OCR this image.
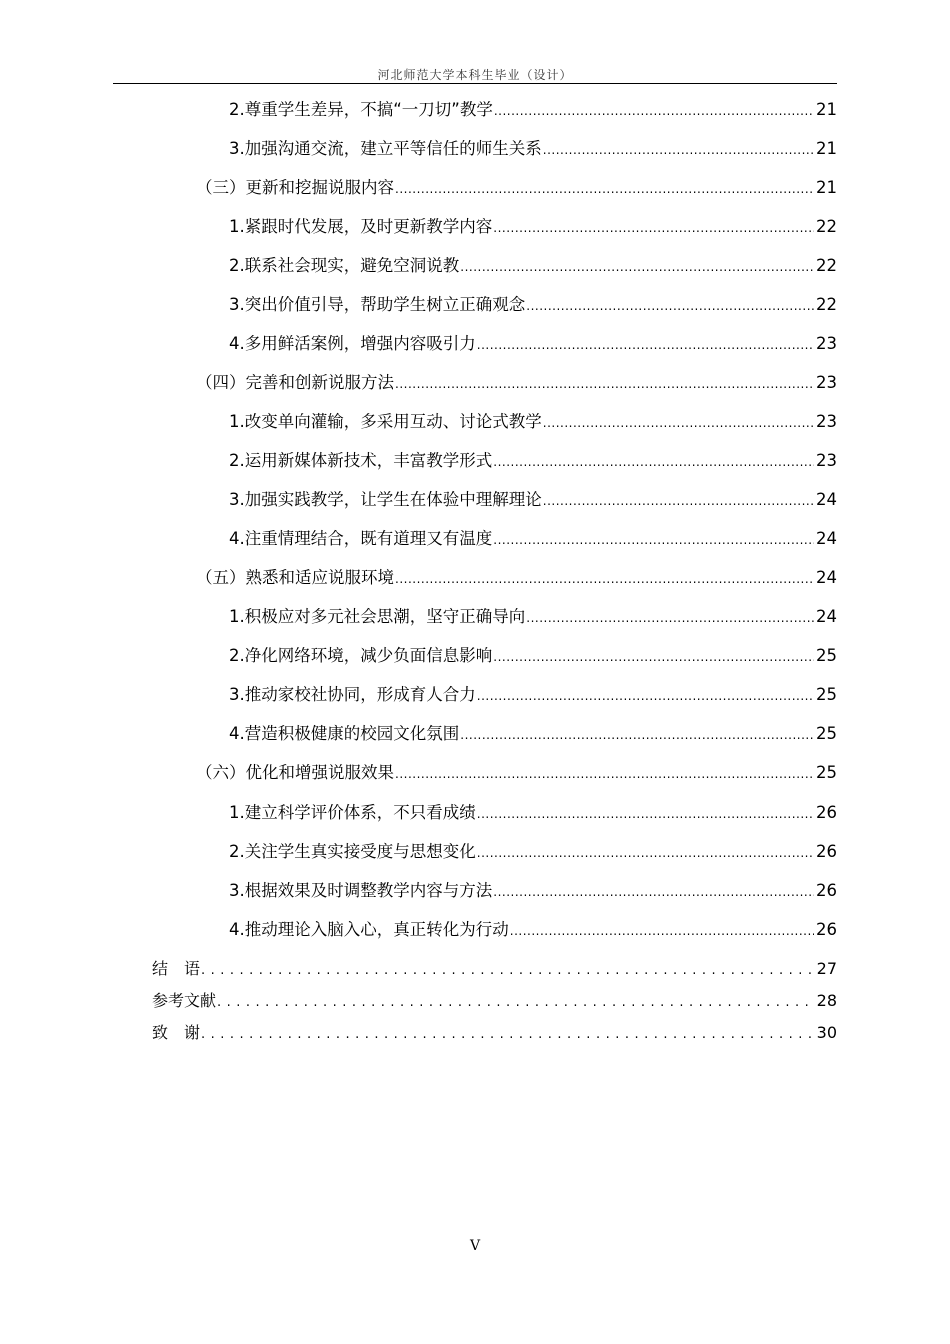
河北师范大学本科生毕业（设计）
2. 尊重学生差异，不搞“一刀切”教学 .....	21
3. 加强沟通交流，建立平等信任的师生关系 .....	21
（三） 更新和挖掘说服内容 .....	21
1. 紧跟时代发展，及时更新教学内容 .....	22
2. 联系社会现实，避免空洞说教 .....	22
3. 突出价值引导，帮助学生树立正确观念 .....	22
4. 多用鲜活案例，增强内容吸引力 .....	23
（四） 完善和创新说服方法 .....	23
1. 改变单向灌输，多采用互动、讨论式教学 .....	23
2. 运用新媒体新技术，丰富教学形式 .....	23
3. 加强实践教学，让学生在体验中理解理论 .....	24
4. 注重情理结合，既有道理又有温度 .....	24
（五） 熟悉和适应说服环境 .....	24
1. 积极应对多元社会思潮，坚守正确导向 .....	24
2. 净化网络环境，减少负面信息影响 .....	25
3. 推动家校社协同，形成育人合力 .....	25
4. 营造积极健康的校园文化氛围 .....	25
（六） 优化和增强说服效果 .....	25
1. 建立科学评价体系，不只看成绩 .....	26
2. 关注学生真实接受度与思想变化 .....	26
3. 根据效果及时调整教学内容与方法 .....	26
4. 推动理论入脑入心，真正转化为行动 .....	26
结　语 .....	27
参考文献 .....	28
致　谢 .....	30
V
